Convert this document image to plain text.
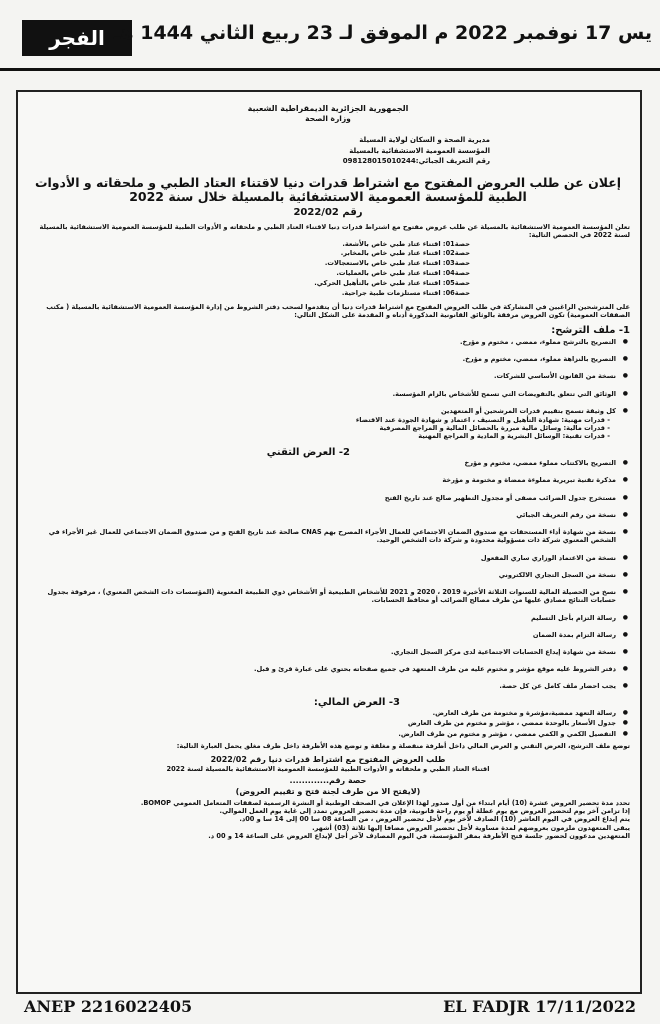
الفجر يس 17 نوفمبر 2022 م الموفق لـ 23 ربيع الثاني 1444 هـ
الجمهورية الجزائرية الديمقراطية الشعبية
وزارة الصحة
مديرية الصحة و السكان لولاية المسيلة
المؤسسة العمومية الاستشفائية بالمسيلة
رقم التعريف الجبائي:098128015010244
إعلان عن طلب العروض المفتوح مع اشتراط قدرات دنيا لاقتناء العتاد الطبي و ملحقاته و الأدوات الطبية للمؤسسة العمومية الاستشفائية بالمسيلة خلال سنة 2022
رقم 2022/02
تعلن المؤسسة العمومية الاستشفائية بالمسيلة عن طلب عروض مفتوح مع اشتراط قدرات دنيا لاقتناء العتاد الطبي و ملحقاته و الأدوات الطبية للمؤسسة العمومية الاستشفائية بالمسيلة لسنة 2022 في الحصص التالية:
حصة01: اقتناء عتاد طبي خاص بالأشعة.
حصة02: اقتناء عتاد طبي خاص بالمخابر.
حصة03: اقتناء عتاد طبي خاص بالاستعجالات.
حصة04: اقتناء عتاد طبي خاص بالعمليات.
حصة05: اقتناء عتاد طبي خاص بالتأهيل الحركي.
حصة06: اقتناء مستلزمات طبية جراحية.
على المترشحين الراغبين في المشاركة في طلب العروض المفتوح مع اشتراط قدرات دنيا أن يتقدموا لسحب دفتر الشروط من إدارة المؤسسة العمومية الاستشفائية بالمسيلة ( مكتب الصفقات العمومية) تكون العروض مرفقة بالوثائق القانونية المذكورة أدناه و المقدمة على الشكل التالي:
1- ملف الترشح:
● التصريح بالترشح مملوء، ممضي ، مختوم و مؤرخ.
● التصريح بالنزاهة مملوء، ممضي، مختوم و مؤرخ.
● نسخة من القانون الأساسي للشركات.
● الوثائق التي تتعلق بالتفويضات التي تسمح للأشخاص بالزام المؤسسة.
● كل وثيقة تسمح بتقييم قدرات المرشحين أو المتعهدين
- قدرات مهنية: شهادة التأهيل و التصنيف ، اعتماد و شهادة الجودة عند الاقتضاء
- قدرات مالية: وسائل مالية مبررة بالحصائل المالية و المراجع المصرفية
- قدرات تقنية: الوسائل البشرية و المادية و المراجع المهنية
2- العرض التقني
● التصريح بالاكتتاب مملوء ممضي، مختوم و مؤرخ
● مذكرة تقنية تبريرية مملوءة ممضاة و مختومة و مؤرخة
● مستخرج جدول الضرائب مصفى أو مجدول التطهير صالح عند تاريخ الفتح
● نسخة من رقم التعريف الجبائي
● نسخة من شهادة أداء المستحقات مع صندوق الضمان الاجتماعي للعمال الأجراء المصرح بهم CNAS صالحة عند تاريخ الفتح و من صندوق الضمان الاجتماعي للعمال غير الأجراء في الشخص المعنوي شركة ذات مسؤولية محدودة و شركة ذات الشخص الوحيد.
● نسخة من الاعتماد الوزاري ساري المفعول
● نسخة من السجل التجاري الالكتروني
● نسخ من الحصيلة المالية للسنوات الثلاثة الأخيرة 2019 ، 2020 و 2021 للأشخاص الطبيعية أو الأشخاص ذوي الطبيعة المعنوية (المؤسسات ذات الشخص المعنوي) ، مرفوقة بجدول حسابات النتائج مصادق عليها من طرف مصالح الضرائب أو محافظ الحسابات.
● رسالة التزام بأجل التسليم
● رسالة التزام بمدة الضمان
● نسخة من شهادة إيداع الحسابات الاجتماعية لدى مركز السجل التجاري.
● دفتر الشروط عليه موقع مؤشر و مختوم عليه من طرف المتعهد في جميع صفحاته بحتوي على عبارة قرئ و قبل.
● يجب احضار ملف كامل عن كل حصة.
3- العرض المالي:
● رسالة التعهد ممضية،مؤشرة و مختومة من طرف العارض.
● جدول الأسعار بالوحدة ممضي ، مؤشر و مختوم من طرف العارض
● التفصيل الكمي و الكمي ممضي ، مؤشر و مختوم من طرف العارض.
توضع ملف الترشح، العرض التقني و العرض المالي داخل أظرفة منفصلة و مغلقة و توضع هذه الأظرفة داخل ظرف مغلق يحمل العبارة التالية:
طلب العروض المفتوح مع اشتراط قدرات دنيا رقم 2022/02
اقتناء العتاد الطبي و ملحقاته و الأدوات الطبية للمؤسسة العمومية الاستشفائية بالمسيلة لسنة 2022
حصة رقم.............
(لايفتح الا من طرف لجنة فتح و تقييم العروض)
تحدد مدة تحضير العروض عشرة (10) أيام ابتداء من أول صدور لهذا الإعلان في الصحف الوطنية أو النشرة الرسمية لصفقات المتعامل العمومي BOMOP.
إذا تزامن آخر يوم لتحضير العروض مع يوم عطلة أو يوم راحة قانونية، فإن مدة تحضير العروض تمدد إلى غاية يوم العمل الموالي.
يتم إيداع العروض في اليوم العاشر (10) الصادف لآخر يوم لأجل تحضير العروض ، من الساعة 08 سا 00 إلى 14 سا و 00د.
يبقى المتعهدون ملزمون بعروضهم لمدة مساوية لأجل تحضير العروض مضافا إليها ثلاثة (03) أشهر.
المتعهدين مدعوون لحضور جلسة فتح الأظرفة بمقر المؤسسة، في اليوم المصادف لآخر أجل لإيداع العروض على الساعة 14 و 00 د.
ANEP 2216022405	EL FADJR 17/11/2022
